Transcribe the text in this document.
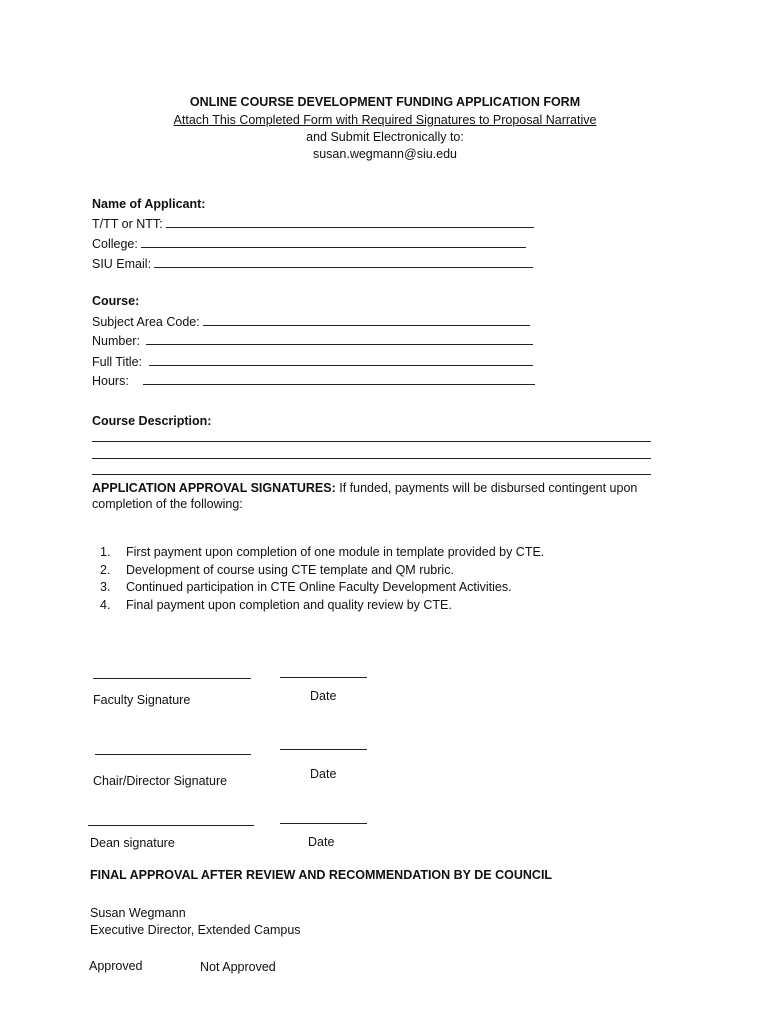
ONLINE COURSE DEVELOPMENT FUNDING APPLICATION FORM
Attach This Completed Form with Required Signatures to Proposal Narrative
and Submit Electronically to:
susan.wegmann@siu.edu
Name of Applicant:
T/TT or NTT:
College:
SIU Email:
Course:
Subject Area Code:
Number:
Full Title:
Hours:
Course Description:
APPLICATION APPROVAL SIGNATURES: If funded, payments will be disbursed contingent upon
completion of the following:
1. First payment upon completion of one module in template provided by CTE.
2. Development of course using CTE template and QM rubric.
3. Continued participation in CTE Online Faculty Development Activities.
4. Final payment upon completion and quality review by CTE.
Faculty Signature	Date
Chair/Director Signature	Date
Dean signature	Date
FINAL APPROVAL AFTER REVIEW AND RECOMMENDATION BY DE COUNCIL
Susan Wegmann
Executive Director, Extended Campus
Approved	Not Approved
